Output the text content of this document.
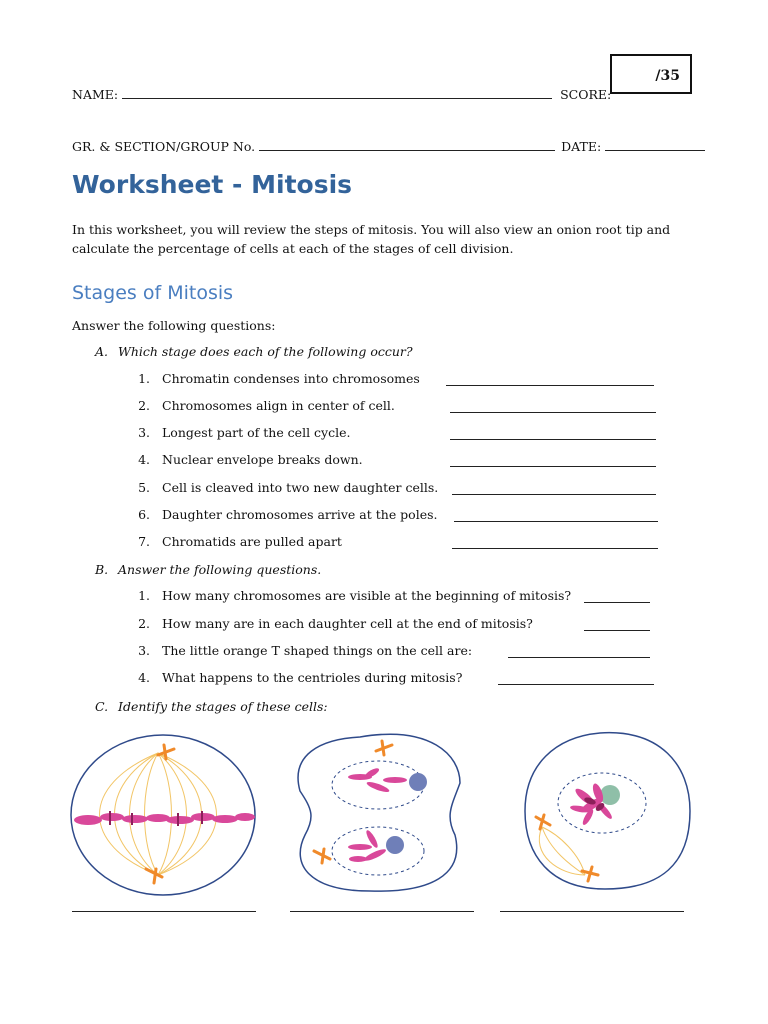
NAME:	SCORE:
/35
GR. & SECTION/GROUP No.	DATE:
Worksheet - Mitosis
In this worksheet, you will review the steps of mitosis. You will also view an onion root tip and calculate the percentage of cells at each of the stages of cell division.
Stages of Mitosis
Answer the following questions:
A. Which stage does each of the following occur?
1. Chromatin condenses into chromosomes
2. Chromosomes align in center of cell.
3. Longest part of the cell cycle.
4. Nuclear envelope breaks down.
5. Cell is cleaved into two new daughter cells.
6. Daughter chromosomes arrive at the poles.
7. Chromatids are pulled apart
B. Answer the following questions.
1. How many chromosomes are visible at the beginning of mitosis?
2. How many are in each daughter cell at the end of mitosis?
3. The little orange T shaped things on the cell are:
4. What happens to the centrioles during mitosis?
C. Identify the stages of these cells:
